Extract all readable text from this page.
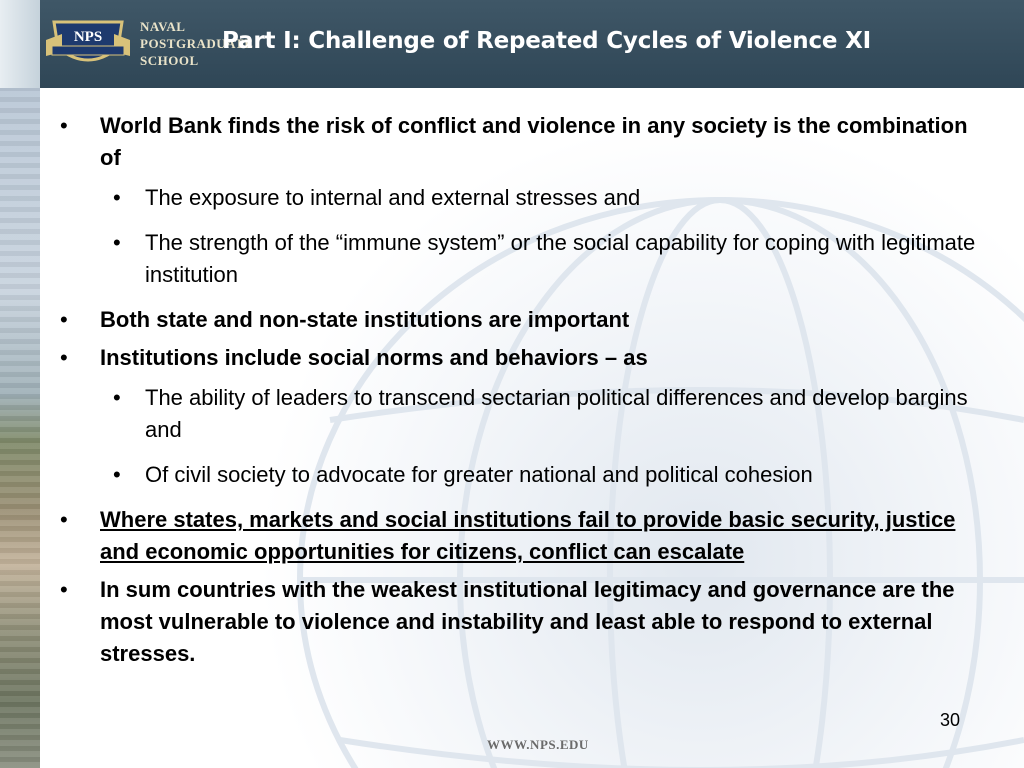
NPS
NAVAL
POSTGRADUATE
SCHOOL
Part I: Challenge of Repeated Cycles of Violence XI
• World Bank finds the risk of conflict and violence in any society is the combination of
• The exposure to internal and external stresses and
• The strength of the “immune system” or the social capability for coping with legitimate institution
• Both state and non-state institutions are important
• Institutions include social norms and behaviors – as
• The ability of leaders to transcend sectarian political differences and develop bargins and
• Of civil society to advocate for greater national and political cohesion
• Where states, markets and social institutions fail to provide basic security, justice and economic opportunities for citizens, conflict can escalate
• In sum countries with the weakest institutional legitimacy and governance are the most vulnerable to violence and instability and least able to respond to external stresses.
30
WWW.NPS.EDU
